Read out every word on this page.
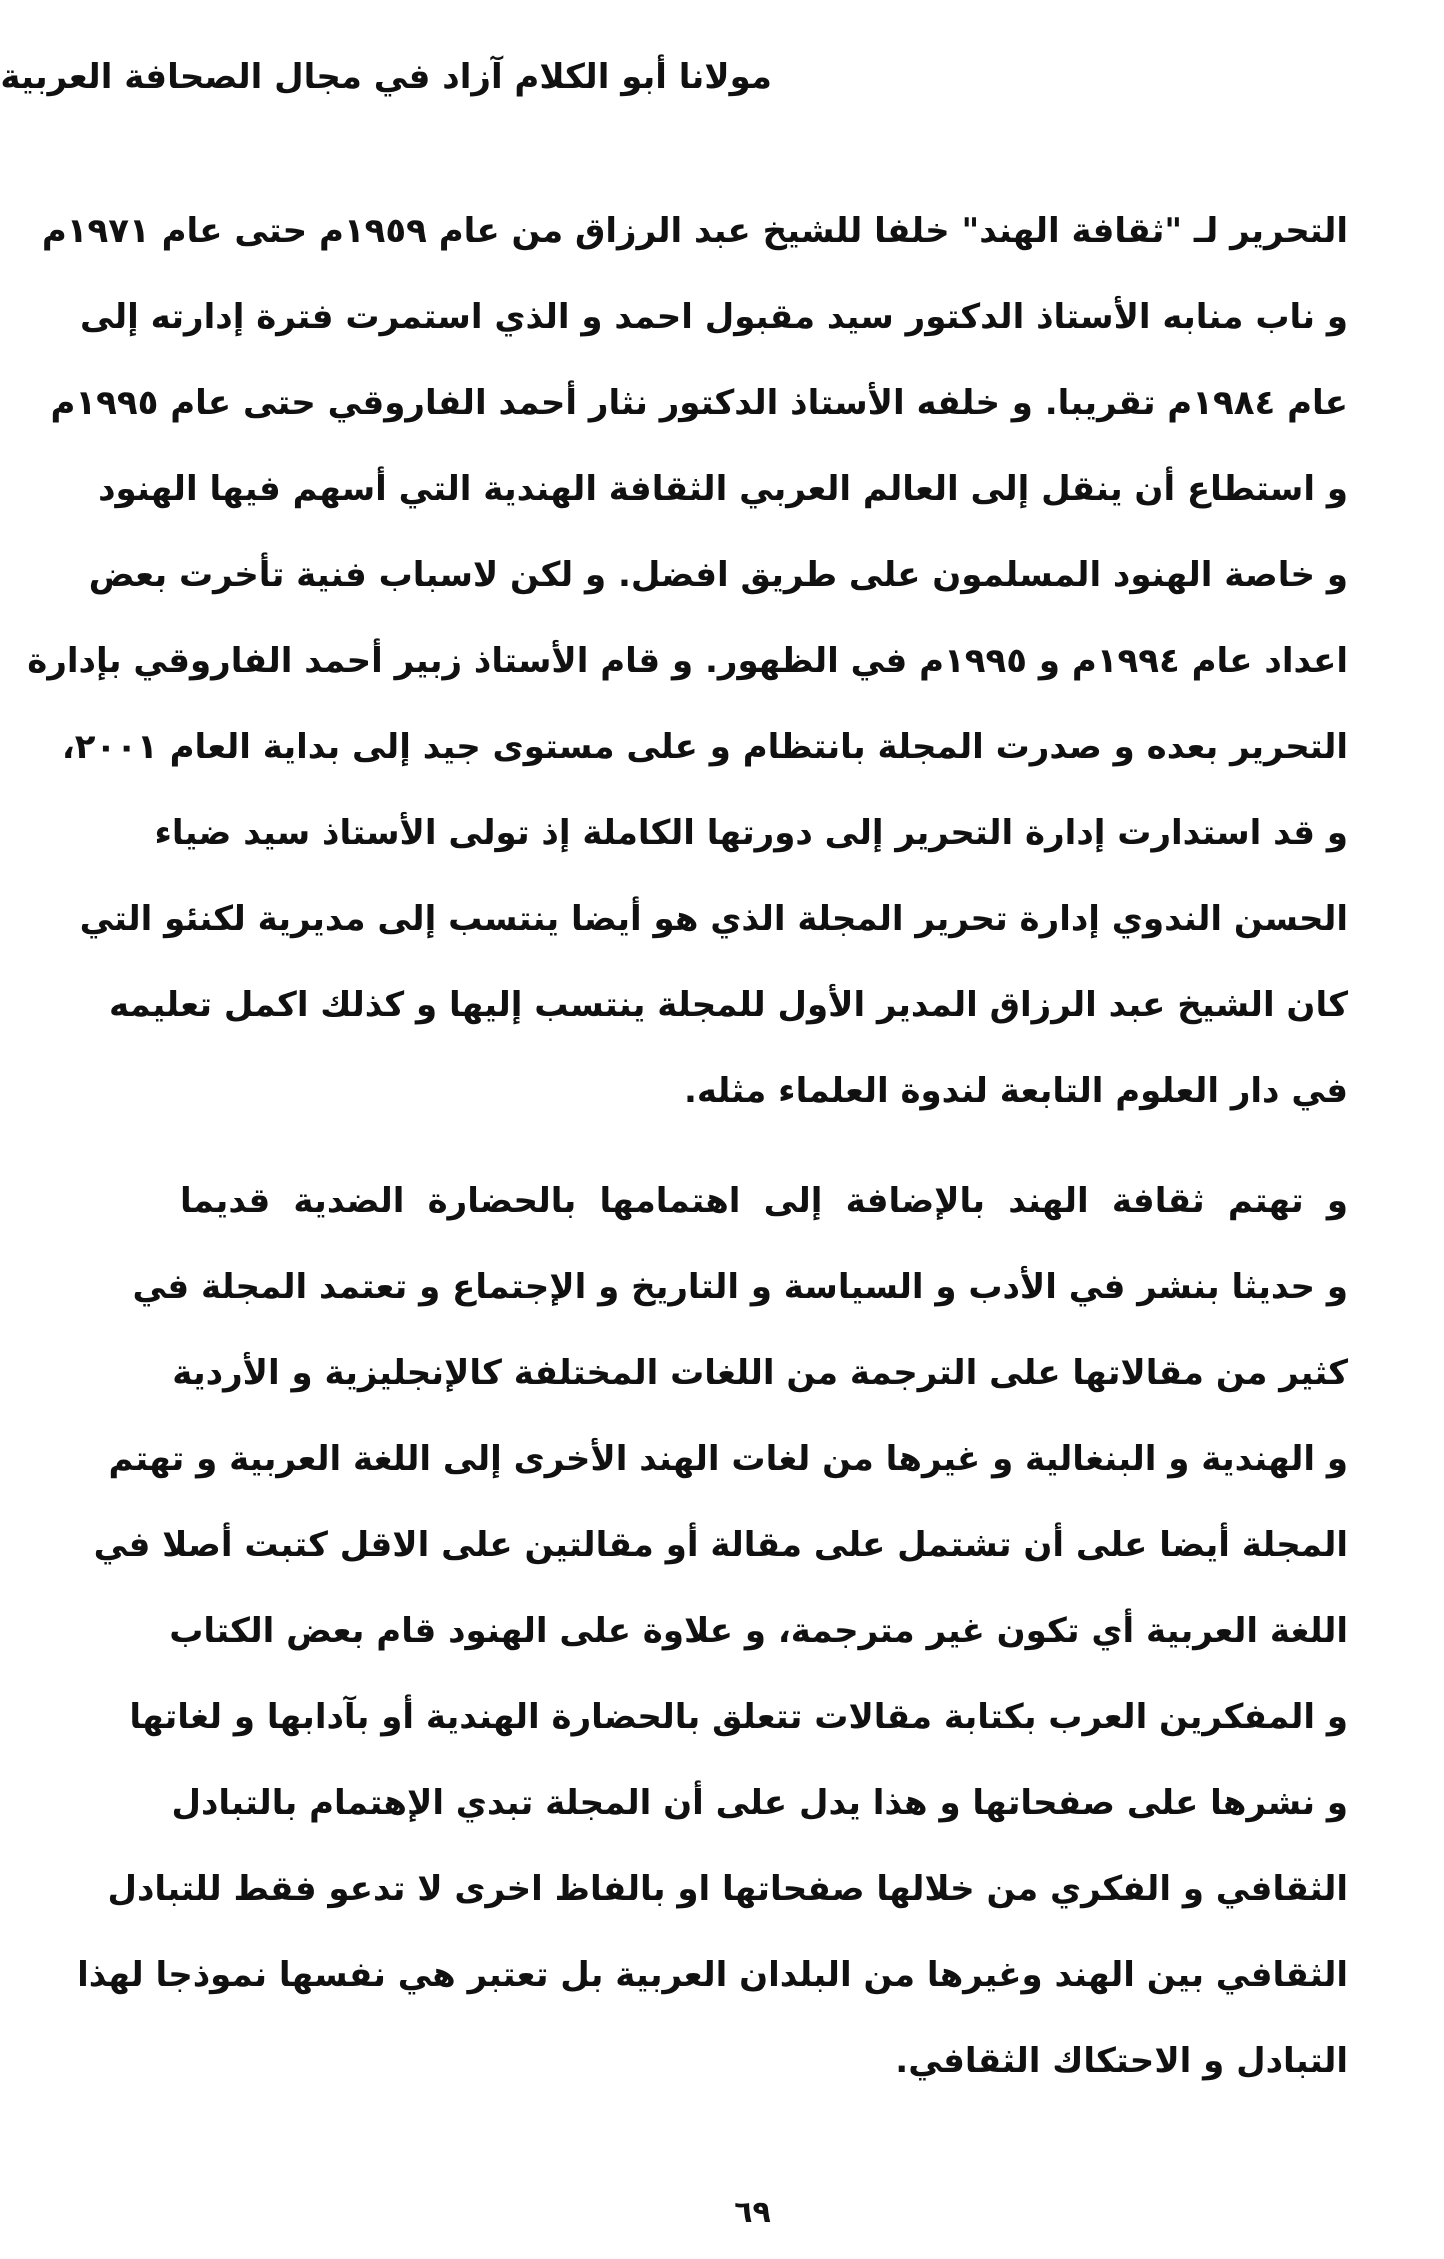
مولانا أبو الكلام آزاد في مجال الصحافة العربية
التحرير لـ "ثقافة الهند" خلفا للشيخ عبد الرزاق من عام ١٩٥٩م حتى عام ١٩٧١م
و ناب منابه الأستاذ الدكتور سيد مقبول احمد و الذي استمرت فترة إدارته إلى
عام ١٩٨٤م تقريبا. و خلفه الأستاذ الدكتور نثار أحمد الفاروقي حتى عام ١٩٩٥م
و استطاع أن ينقل إلى العالم العربي الثقافة الهندية التي أسهم فيها الهنود
و خاصة الهنود المسلمون على طريق افضل. و لكن لاسباب فنية تأخرت بعض
اعداد عام ١٩٩٤م و ١٩٩٥م في الظهور. و قام الأستاذ زبير أحمد الفاروقي بإدارة
التحرير بعده و صدرت المجلة بانتظام و على مستوى جيد إلى بداية العام ٢٠٠١،
و قد استدارت إدارة التحرير إلى دورتها الكاملة إذ تولى الأستاذ سيد ضياء
الحسن الندوي إدارة تحرير المجلة الذي هو أيضا ينتسب إلى مديرية لكنئو التي
كان الشيخ عبد الرزاق المدير الأول للمجلة ينتسب إليها و كذلك اكمل تعليمه
في دار العلوم التابعة لندوة العلماء مثله.
و تهتم ثقافة الهند بالإضافة إلى اهتمامها بالحضارة الضدية قديما
و حديثا بنشر في الأدب و السياسة و التاريخ و الإجتماع و تعتمد المجلة في
كثير من مقالاتها على الترجمة من اللغات المختلفة كالإنجليزية و الأردية
و الهندية و البنغالية و غيرها من لغات الهند الأخرى إلى اللغة العربية و تهتم
المجلة أيضا على أن تشتمل على مقالة أو مقالتين على الاقل كتبت أصلا في
اللغة العربية أي تكون غير مترجمة، و علاوة على الهنود قام بعض الكتاب
و المفكرين العرب بكتابة مقالات تتعلق بالحضارة الهندية أو بآدابها و لغاتها
و نشرها على صفحاتها و هذا يدل على أن المجلة تبدي الإهتمام بالتبادل
الثقافي و الفكري من خلالها صفحاتها او بالفاظ اخرى لا تدعو فقط للتبادل
الثقافي بين الهند وغيرها من البلدان العربية بل تعتبر هي نفسها نموذجا لهذا
التبادل و الاحتكاك الثقافي.
٦٩
